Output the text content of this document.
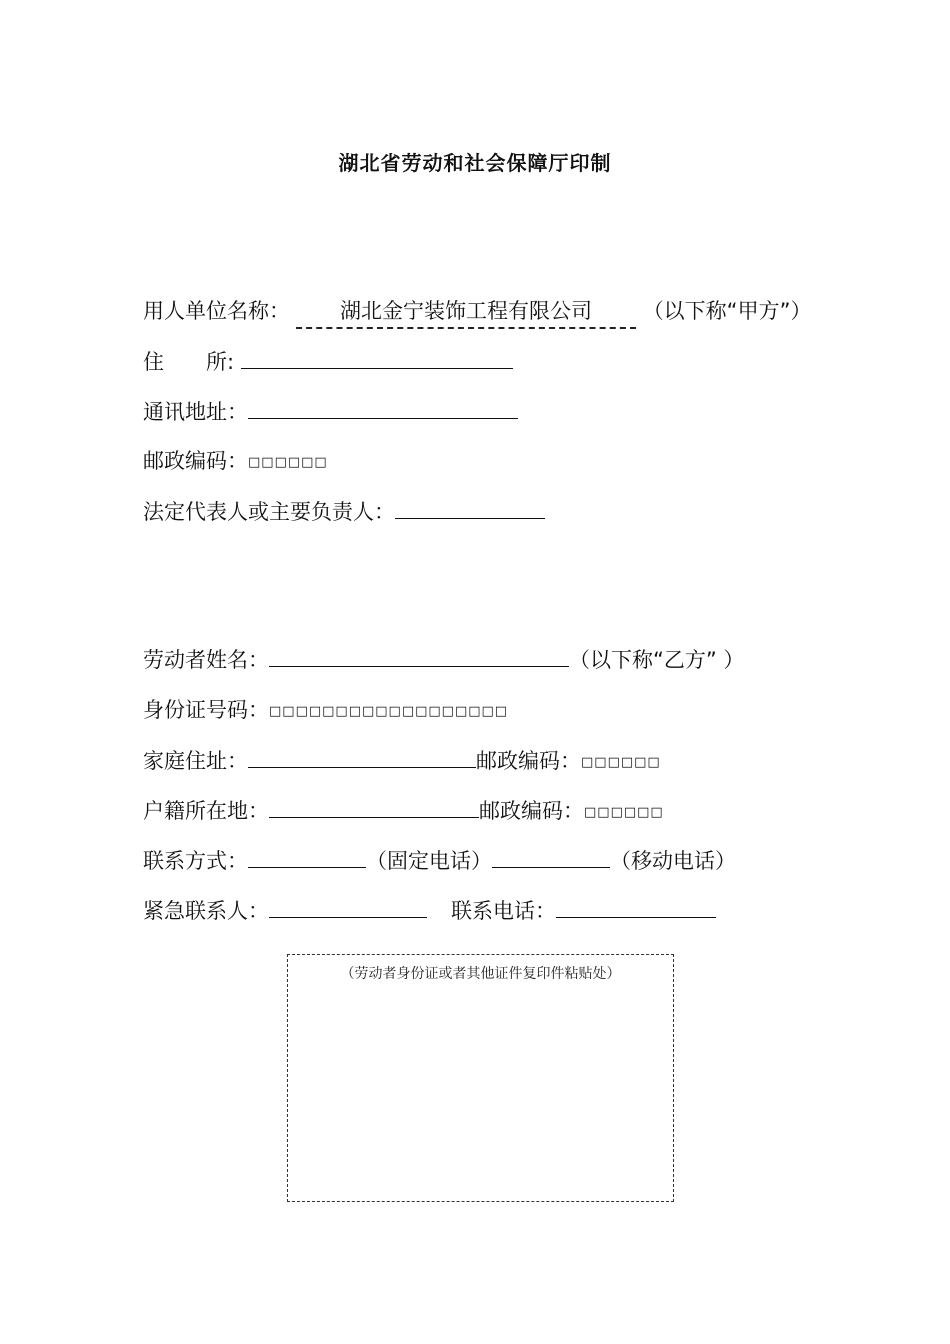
湖北省劳动和社会保障厅印制
用人单位名称： 湖北金宁装饰工程有限公司 （以下称“甲方”）
住　　所:
通讯地址：
邮政编码：□□□□□□
法定代表人或主要负责人：
劳动者姓名：	（以下称“乙方” ）
身份证号码：□□□□□□□□□□□□□□□□□□
家庭住址：	邮政编码：□□□□□□
户籍所在地：	邮政编码：□□□□□□
联系方式：	（固定电话）	（移动电话）
紧急联系人：	联系电话：
（劳动者身份证或者其他证件复印件粘贴处）
